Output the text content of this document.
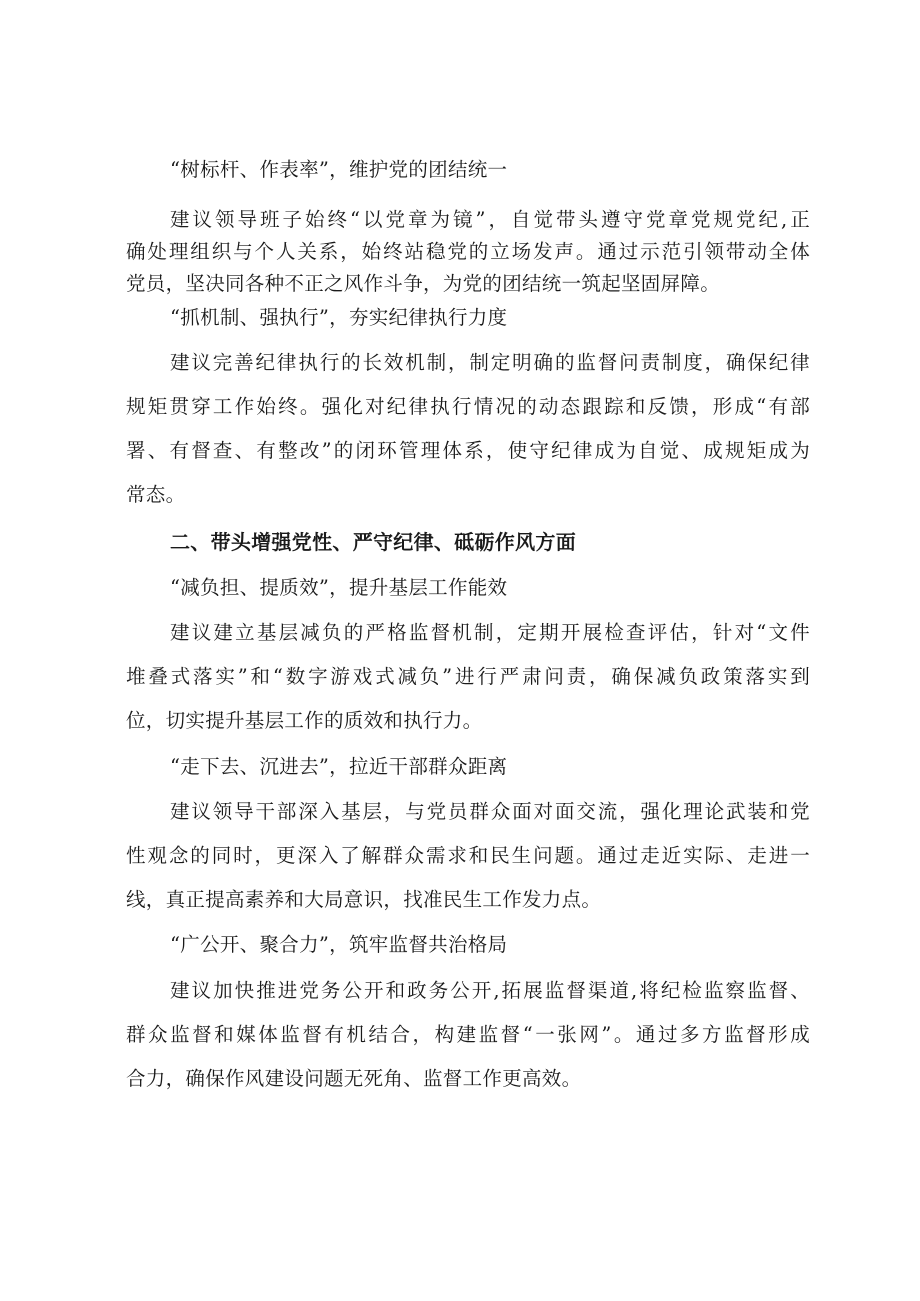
“树标杆、作表率”，维护党的团结统一
建议领导班子始终“以党章为镜”，自觉带头遵守党章党规党纪,正
确处理组织与个人关系，始终站稳党的立场发声。通过示范引领带动全体
党员，坚决同各种不正之风作斗争，为党的团结统一筑起坚固屏障。
“抓机制、强执行”，夯实纪律执行力度
建议完善纪律执行的长效机制，制定明确的监督问责制度，确保纪律
规矩贯穿工作始终。强化对纪律执行情况的动态跟踪和反馈，形成“有部
署、有督查、有整改”的闭环管理体系，使守纪律成为自觉、成规矩成为
常态。
二、带头增强党性、严守纪律、砥砺作风方面
“减负担、提质效”，提升基层工作能效
建议建立基层减负的严格监督机制，定期开展检查评估，针对“文件
堆叠式落实”和“数字游戏式减负”进行严肃问责，确保减负政策落实到
位，切实提升基层工作的质效和执行力。
“走下去、沉进去”，拉近干部群众距离
建议领导干部深入基层，与党员群众面对面交流，强化理论武装和党
性观念的同时，更深入了解群众需求和民生问题。通过走近实际、走进一
线，真正提高素养和大局意识，找准民生工作发力点。
“广公开、聚合力”，筑牢监督共治格局
建议加快推进党务公开和政务公开,拓展监督渠道,将纪检监察监督、
群众监督和媒体监督有机结合，构建监督“一张网”。通过多方监督形成
合力，确保作风建设问题无死角、监督工作更高效。
